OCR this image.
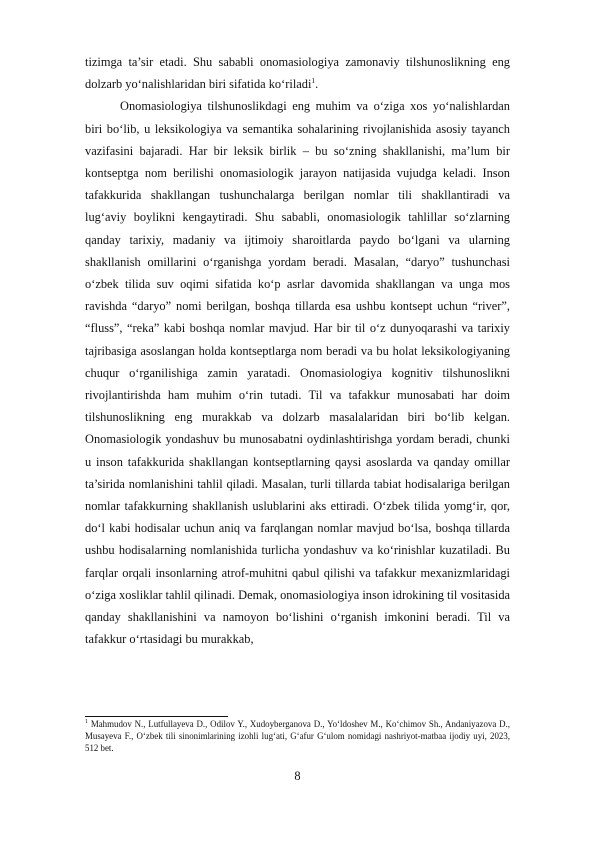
tizimga ta’sir etadi. Shu sababli onomasiologiya zamonaviy tilshunoslikning eng dolzarb yo‘nalishlaridan biri sifatida ko‘riladi$^1$.

Onomasiologiya tilshunoslikdagi eng muhim va o‘ziga xos yo‘nalishlardan biri bo‘lib, u leksikologiya va semantika sohalarining rivojlanishida asosiy tayanch vazifasini bajaradi. Har bir leksik birlik – bu so‘zning shakllanishi, ma’lum bir kontseptga nom berilishi onomasiologik jarayon natijasida vujudga keladi. Inson tafakkurida shakllangan tushunchalarga berilgan nomlar tili shakllantiradi va lug‘aviy boylikni kengaytiradi. Shu sababli, onomasiologik tahlillar so‘zlarning qanday tarixiy, madaniy va ijtimoiy sharoitlarda paydo bo‘lgani va ularning shakllanish omillarini o‘rganishga yordam beradi. Masalan, “daryo” tushunchasi o‘zbek tilida suv oqimi sifatida ko‘p asrlar davomida shakllangan va unga mos ravishda “daryo” nomi berilgan, boshqa tillarda esa ushbu kontsept uchun “river”, “fluss”, “reka” kabi boshqa nomlar mavjud. Har bir til o‘z dunyoqarashi va tarixiy tajribasiga asoslangan holda kontseptlarga nom beradi va bu holat leksikologiyaning chuqur o‘rganilishiga zamin yaratadi. Onomasiologiya kognitiv tilshunoslikni rivojlantirishda ham muhim o‘rin tutadi. Til va tafakkur munosabati har doim tilshunoslikning eng murakkab va dolzarb masalalaridan biri bo‘lib kelgan. Onomasiologik yondashuv bu munosabatni oydinlashtirishga yordam beradi, chunki u inson tafakkurida shakllangan kontseptlarning qaysi asoslarda va qanday omillar ta’sirida nomlanishini tahlil qiladi. Masalan, turli tillarda tabiat hodisalariga berilgan nomlar tafakkurning shakllanish uslublarini aks ettiradi. O‘zbek tilida yomg‘ir, qor, do‘l kabi hodisalar uchun aniq va farqlangan nomlar mavjud bo‘lsa, boshqa tillarda ushbu hodisalarning nomlanishida turlicha yondashuv va ko‘rinishlar kuzatiladi. Bu farqlar orqali insonlarning atrof-muhitni qabul qilishi va tafakkur mexanizmlaridagi o‘ziga xosliklar tahlil qilinadi. Demak, onomasiologiya inson idrokining til vositasida qanday shakllanishini va namoyon bo‘lishini o‘rganish imkonini beradi. Til va tafakkur o‘rtasidagi bu murakkab,

$^1$ Mahmudov N., Lutfullayeva D., Odilov Y., Xudoyberganova D., Yo‘ldoshev M., Ko‘chimov Sh., Andaniyazova D., Musayeva F., O‘zbek tili sinonimlarining izohli lug‘ati, G‘afur G‘ulom nomidagi nashriyot-matbaa ijodiy uyi, 2023, 512 bet.

8
